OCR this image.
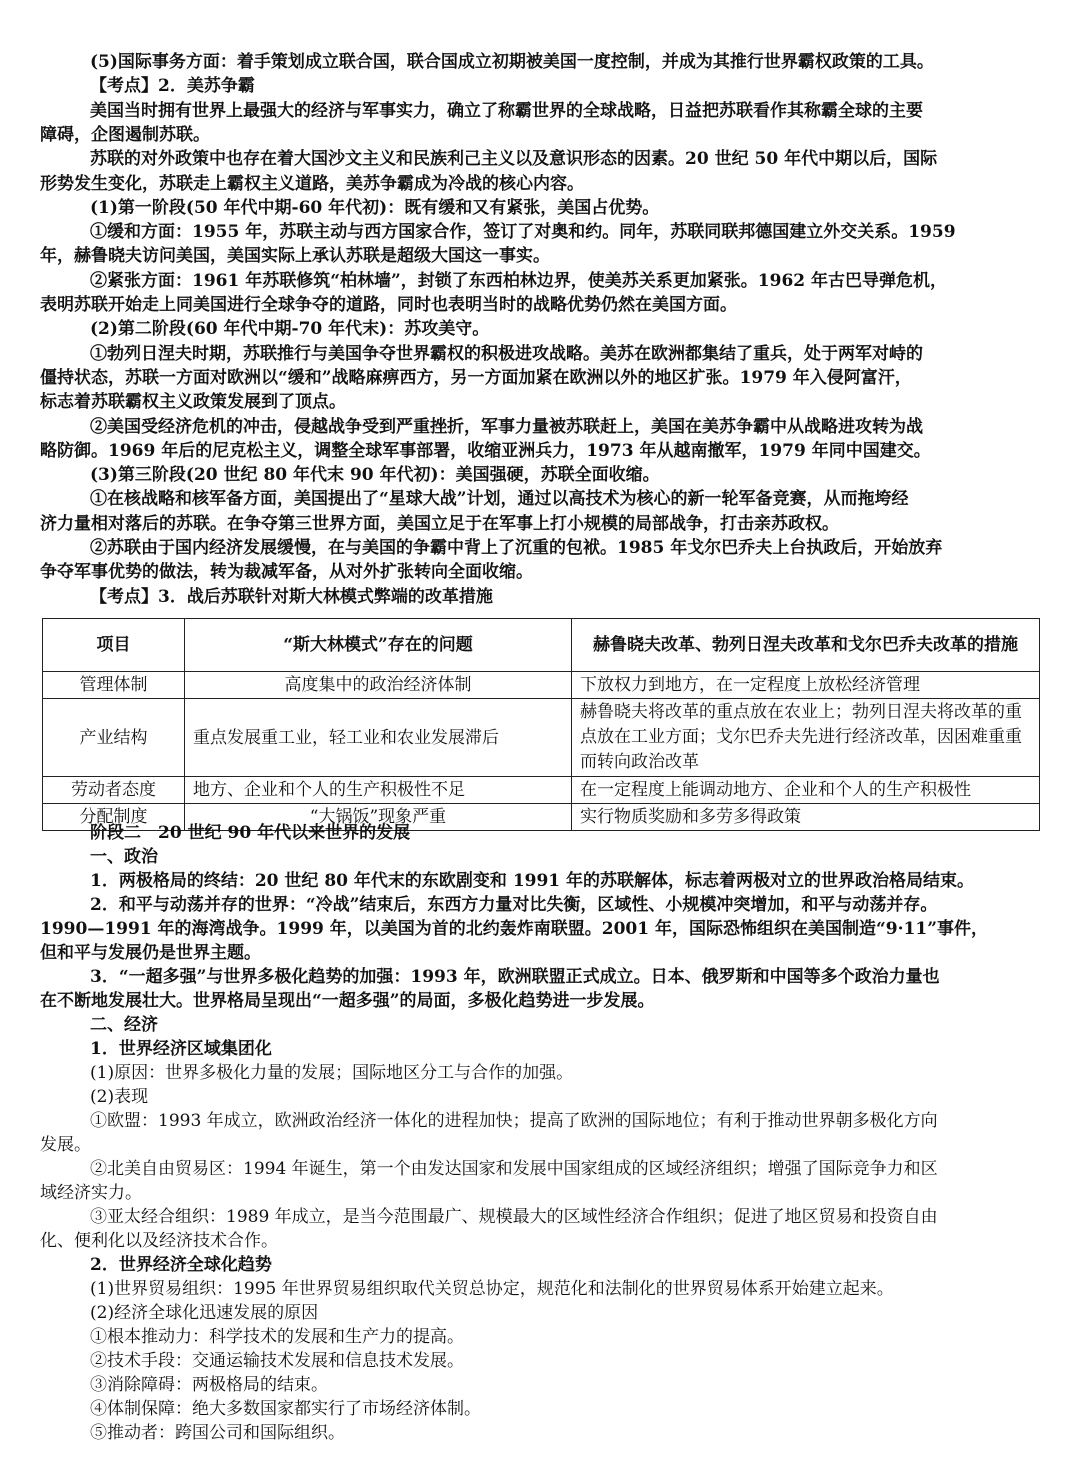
(5)国际事务方面：着手策划成立联合国，联合国成立初期被美国一度控制，并成为其推行世界霸权政策的工具。
【考点】2．美苏争霸
美国当时拥有世界上最强大的经济与军事实力，确立了称霸世界的全球战略，日益把苏联看作其称霸全球的主要
障碍，企图遏制苏联。
苏联的对外政策中也存在着大国沙文主义和民族利己主义以及意识形态的因素。20 世纪 50 年代中期以后，国际
形势发生变化，苏联走上霸权主义道路，美苏争霸成为冷战的核心内容。
(1)第一阶段(50 年代中期-60 年代初)：既有缓和又有紧张，美国占优势。
①缓和方面：1955 年，苏联主动与西方国家合作，签订了对奥和约。同年，苏联同联邦德国建立外交关系。1959
年，赫鲁晓夫访问美国，美国实际上承认苏联是超级大国这一事实。
②紧张方面：1961 年苏联修筑“柏林墙”，封锁了东西柏林边界，使美苏关系更加紧张。1962 年古巴导弹危机，
表明苏联开始走上同美国进行全球争夺的道路，同时也表明当时的战略优势仍然在美国方面。
(2)第二阶段(60 年代中期-70 年代末)：苏攻美守。
①勃列日涅夫时期，苏联推行与美国争夺世界霸权的积极进攻战略。美苏在欧洲都集结了重兵，处于两军对峙的
僵持状态，苏联一方面对欧洲以“缓和”战略麻痹西方，另一方面加紧在欧洲以外的地区扩张。1979 年入侵阿富汗，
标志着苏联霸权主义政策发展到了顶点。
②美国受经济危机的冲击，侵越战争受到严重挫折，军事力量被苏联赶上，美国在美苏争霸中从战略进攻转为战
略防御。1969 年后的尼克松主义，调整全球军事部署，收缩亚洲兵力，1973 年从越南撤军，1979 年同中国建交。
(3)第三阶段(20 世纪 80 年代末 90 年代初)：美国强硬，苏联全面收缩。
①在核战略和核军备方面，美国提出了“星球大战”计划，通过以高技术为核心的新一轮军备竞赛，从而拖垮经
济力量相对落后的苏联。在争夺第三世界方面，美国立足于在军事上打小规模的局部战争，打击亲苏政权。
②苏联由于国内经济发展缓慢，在与美国的争霸中背上了沉重的包袱。1985 年戈尔巴乔夫上台执政后，开始放弃
争夺军事优势的做法，转为裁减军备，从对外扩张转向全面收缩。
【考点】3．战后苏联针对斯大林模式弊端的改革措施
项目	“斯大林模式”存在的问题	赫鲁晓夫改革、勃列日涅夫改革和戈尔巴乔夫改革的措施
管理体制	高度集中的政治经济体制	下放权力到地方，在一定程度上放松经济管理
产业结构	重点发展重工业，轻工业和农业发展滞后	赫鲁晓夫将改革的重点放在农业上；勃列日涅夫将改革的重点放在工业方面；戈尔巴乔夫先进行经济改革，因困难重重而转向政治改革
劳动者态度	地方、企业和个人的生产积极性不足	在一定程度上能调动地方、企业和个人的生产积极性
分配制度	“大锅饭”现象严重	实行物质奖励和多劳多得政策
阶段二　20 世纪 90 年代以来世界的发展
一、政治
1．两极格局的终结：20 世纪 80 年代末的东欧剧变和 1991 年的苏联解体，标志着两极对立的世界政治格局结束。
2．和平与动荡并存的世界：“冷战”结束后，东西方力量对比失衡，区域性、小规模冲突增加，和平与动荡并存。
1990—1991 年的海湾战争。1999 年，以美国为首的北约轰炸南联盟。2001 年，国际恐怖组织在美国制造“9·11”事件，
但和平与发展仍是世界主题。
3．“一超多强”与世界多极化趋势的加强：1993 年，欧洲联盟正式成立。日本、俄罗斯和中国等多个政治力量也
在不断地发展壮大。世界格局呈现出“一超多强”的局面，多极化趋势进一步发展。
二、经济
1．世界经济区域集团化
(1)原因：世界多极化力量的发展；国际地区分工与合作的加强。
(2)表现
①欧盟：1993 年成立，欧洲政治经济一体化的进程加快；提高了欧洲的国际地位；有利于推动世界朝多极化方向
发展。
②北美自由贸易区：1994 年诞生，第一个由发达国家和发展中国家组成的区域经济组织；增强了国际竞争力和区
域经济实力。
③亚太经合组织：1989 年成立，是当今范围最广、规模最大的区域性经济合作组织；促进了地区贸易和投资自由
化、便利化以及经济技术合作。
2．世界经济全球化趋势
(1)世界贸易组织：1995 年世界贸易组织取代关贸总协定，规范化和法制化的世界贸易体系开始建立起来。
(2)经济全球化迅速发展的原因
①根本推动力：科学技术的发展和生产力的提高。
②技术手段：交通运输技术发展和信息技术发展。
③消除障碍：两极格局的结束。
④体制保障：绝大多数国家都实行了市场经济体制。
⑤推动者：跨国公司和国际组织。
